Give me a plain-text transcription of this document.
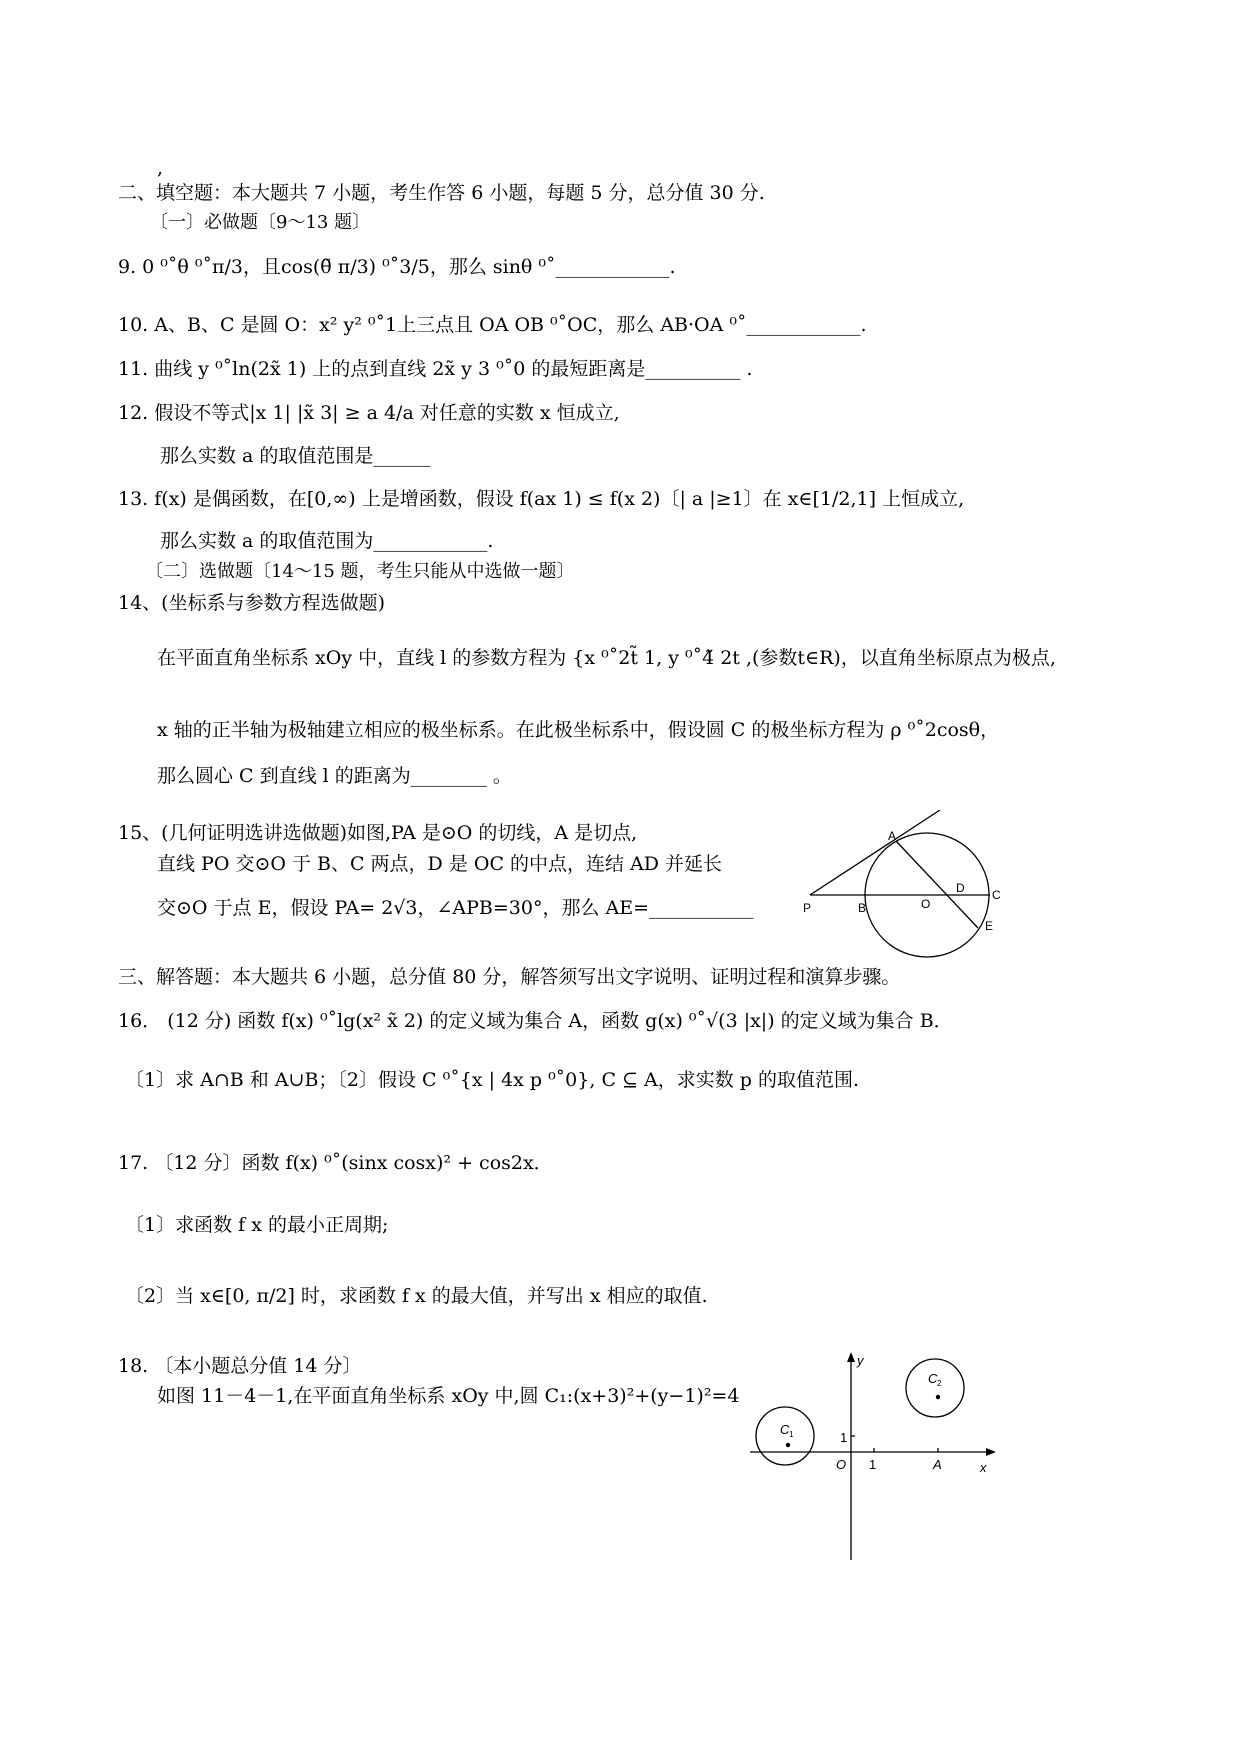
,
二、填空题：本大题共 7 小题，考生作答 6 小题，每题 5 分，总分值 30 分.
〔一〕必做题〔9～13 题〕
9. 0 ⁰˚θ ⁰˚π/3，且cos(θ̃ π/3) ⁰˚3/5，那么 sinθ ⁰˚____________.
10. A、B、C 是圆 O：x² y² ⁰˚1上三点且 OA OB ⁰˚OC，那么 AB·OA ⁰˚____________.
11. 曲线 y ⁰˚ln(2x̃ 1) 上的点到直线 2x̃ y 3 ⁰˚0 的最短距离是__________ .
12. 假设不等式|x 1| |x̃ 3| ≥ a 4/a 对任意的实数 x 恒成立,
那么实数 a 的取值范围是______
13. f(x) 是偶函数，在[0,∞) 上是增函数，假设 f(ax 1) ≤ f(x 2)〔| a |≥1〕在 x∈[1/2,1] 上恒成立,
那么实数 a 的取值范围为____________.
〔二〕选做题〔14～15 题，考生只能从中选做一题〕
14、(坐标系与参数方程选做题)
在平面直角坐标系 xOy 中，直线 l 的参数方程为 {x ⁰˚2t̃ 1, y ⁰˚4̃ 2t ,(参数t∈R)，以直角坐标原点为极点,
x 轴的正半轴为极轴建立相应的极坐标系。在此极坐标系中，假设圆 C 的极坐标方程为 ρ ⁰˚2cosθ，
那么圆心 C 到直线 l 的距离为________ 。
15、(几何证明选讲选做题)如图,PA 是⊙O 的切线，A 是切点,
直线 PO 交⊙O 于 B、C 两点，D 是 OC 的中点，连结 AD 并延长
交⊙O 于点 E，假设 PA= 2√3，∠APB=30°，那么 AE=___________
A
D C
P	B	O
E
三、解答题：本大题共 6 小题，总分值 80 分，解答须写出文字说明、证明过程和演算步骤。
16． (12 分) 函数 f(x) ⁰˚lg(x² x̃ 2) 的定义域为集合 A，函数 g(x) ⁰˚√(3 |x|) 的定义域为集合 B．
〔1〕求 A∩B 和 A∪B；〔2〕假设 C ⁰˚{x | 4x p ⁰˚0}, C ⊆ A，求实数 p 的取值范围.
17. 〔12 分〕函数 f(x) ⁰˚(sinx cosx)² + cos2x．
〔1〕求函数 f x 的最小正周期;
〔2〕当 x∈[0, π/2] 时，求函数 f x 的最大值，并写出 x 相应的取值.
18. 〔本小题总分值 14 分〕
如图 11－4－1,在平面直角坐标系 xOy 中,圆 C₁:(x+3)²+(y−1)²=4
y
x
O 1
1
A
C 1
C 2
